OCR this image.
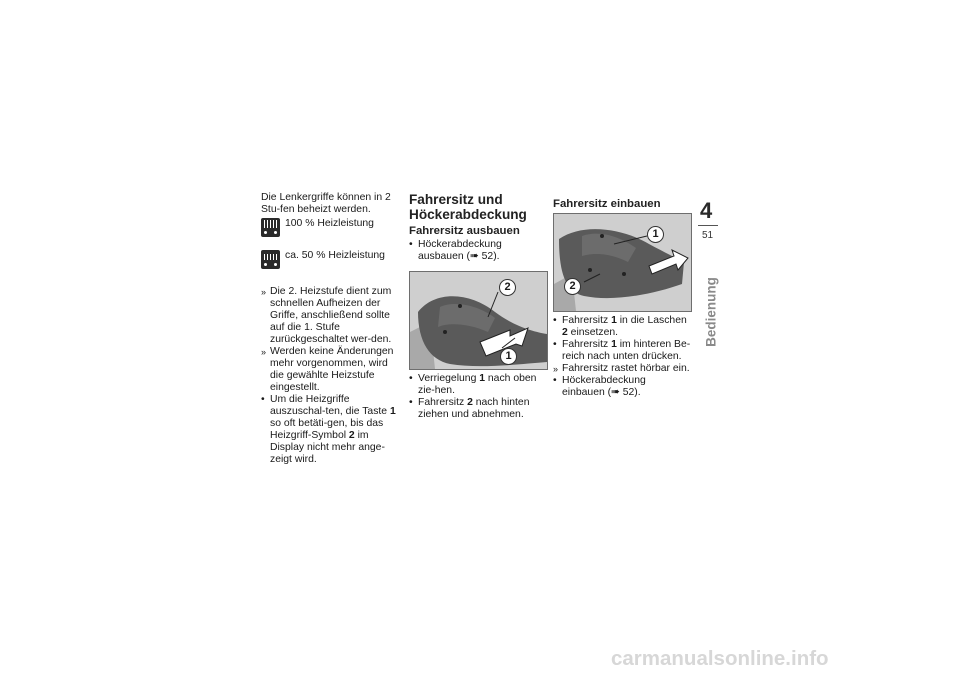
Die Lenkergriffe können in 2 Stu-fen beheizt werden.

100 % Heizleistung
ca. 50 % Heizleistung
» Die 2. Heizstufe dient zum schnellen Aufheizen der Griffe, anschließend sollte auf die 1. Stufe zurückgeschaltet wer-den.
» Werden keine Änderungen mehr vorgenommen, wird die gewählte Heizstufe eingestellt.
• Um die Heizgriffe auszuschal-ten, die Taste 1 so oft betäti-gen, bis das Heizgriff-Symbol 2 im Display nicht mehr ange-zeigt wird.
Fahrersitz und Höckerabdeckung
Fahrersitz ausbauen
• Höckerabdeckung ausbauen (➠ 52).
2
1
• Verriegelung 1 nach oben zie-hen.
• Fahrersitz 2 nach hinten ziehen und abnehmen.
Fahrersitz einbauen
1
2
• Fahrersitz 1 in die Laschen 2 einsetzen.
• Fahrersitz 1 im hinteren Be-reich nach unten drücken.
» Fahrersitz rastet hörbar ein.
• Höckerabdeckung einbauen (➠ 52).
4
51
Bedienung
carmanualsonline.info
